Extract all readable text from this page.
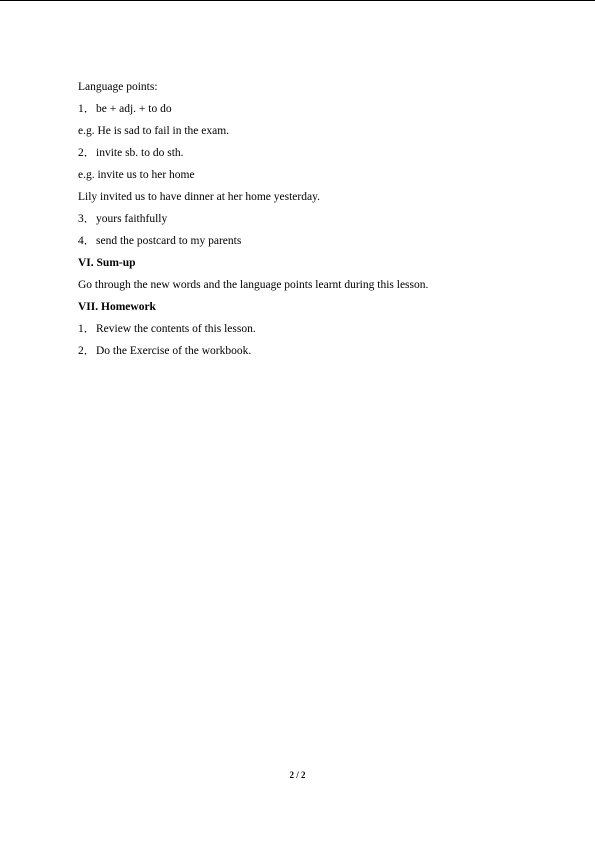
Language points:
1．be + adj. + to do
e.g. He is sad to fail in the exam.
2．invite sb. to do sth.
e.g. invite us to her home
Lily invited us to have dinner at her home yesterday.
3．yours faithfully
4．send the postcard to my parents
VI. Sum-up
Go through the new words and the language points learnt during this lesson.
VII. Homework
1．Review the contents of this lesson.
2．Do the Exercise of the workbook.
2 / 2
